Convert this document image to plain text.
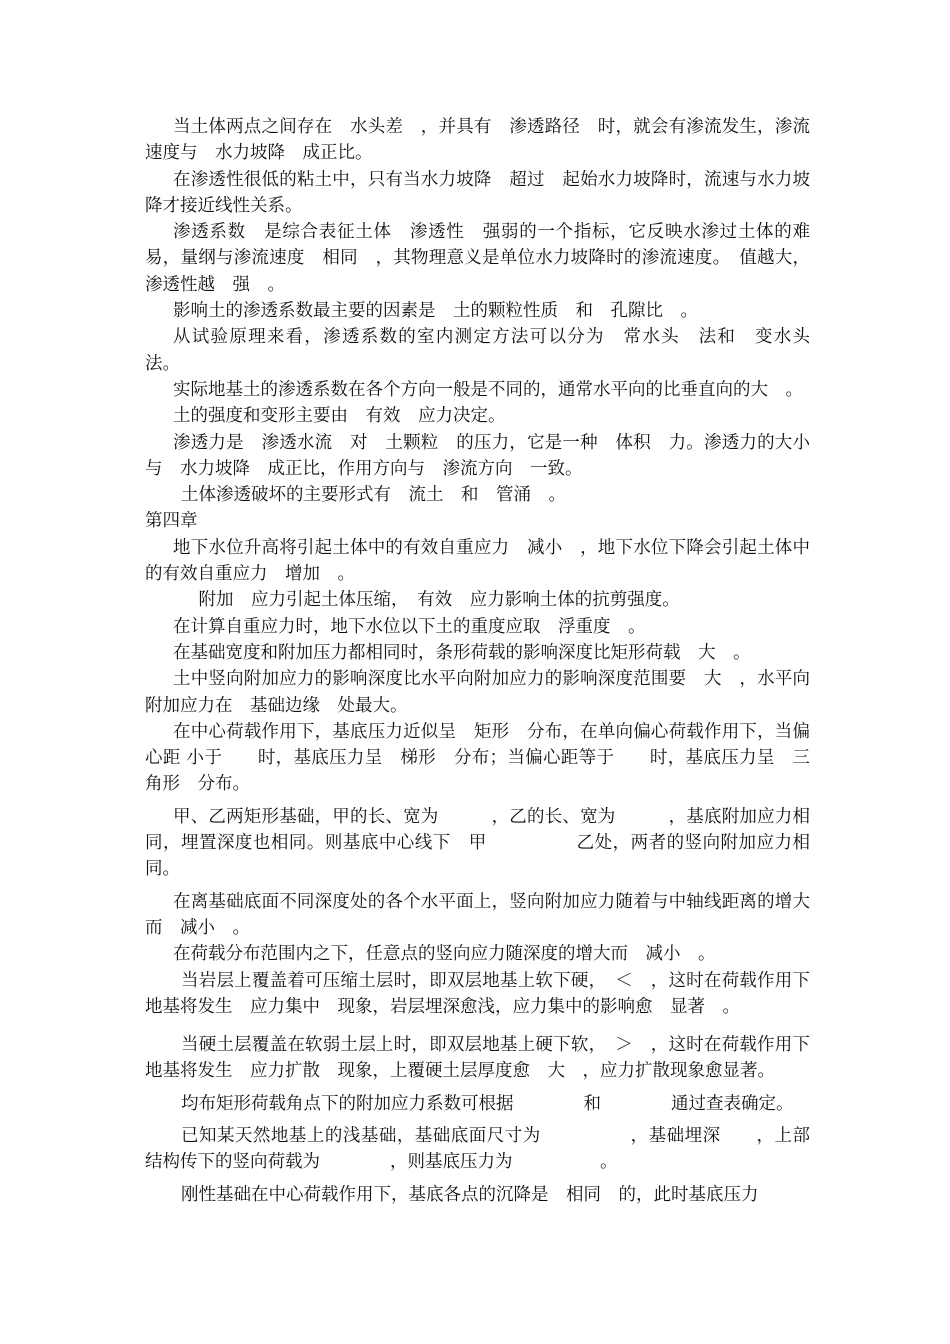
当土体两点之间存在　水头差　，并具有　渗透路径　时，就会有渗流发生，渗流速度与　水力坡降　成正比。

在渗透性很低的粘土中，只有当水力坡降　超过　起始水力坡降时，流速与水力坡降才接近线性关系。

渗透系数　是综合表征土体　渗透性　强弱的一个指标，它反映水渗过土体的难易，量纲与渗流速度　相同　，其物理意义是单位水力坡降时的渗流速度。　值越大，渗透性越　强　。

影响土的渗透系数最主要的因素是　土的颗粒性质　和　孔隙比　。

从试验原理来看，渗透系数的室内测定方法可以分为　常水头　法和　变水头　法。

实际地基土的渗透系数在各个方向一般是不同的，通常水平向的比垂直向的大　。

土的强度和变形主要由　有效　应力决定。

渗透力是　渗透水流　对　土颗粒　的压力，它是一种　体积　力。渗透力的大小与　水力坡降　成正比，作用方向与　渗流方向　一致。

土体渗透破坏的主要形式有　流土　和　管涌　。

第四章

地下水位升高将引起土体中的有效自重应力　减小　，地下水位下降会引起土体中的有效自重应力　增加　。

　附加　应力引起土体压缩，　有效　应力影响土体的抗剪强度。

在计算自重应力时，地下水位以下土的重度应取　浮重度　。

在基础宽度和附加压力都相同时，条形荷载的影响深度比矩形荷载　大　。

土中竖向附加应力的影响深度比水平向附加应力的影响深度范围要　大　，水平向附加应力在　基础边缘　处最大。

在中心荷载作用下，基底压力近似呈　矩形　分布，在单向偏心荷载作用下，当偏心距 小于　　时，基底压力呈　梯形　分布；当偏心距等于　　时，基底压力呈　三角形　分布。

甲、乙两矩形基础，甲的长、宽为　　　，乙的长、宽为　　　，基底附加应力相同，埋置深度也相同。则基底中心线下　甲　　　　　乙处，两者的竖向附加应力相同。

在离基础底面不同深度处的各个水平面上，竖向附加应力随着与中轴线距离的增大而　减小　。

在荷载分布范围内之下，任意点的竖向应力随深度的增大而　减小　。

当岩层上覆盖着可压缩土层时，即双层地基上软下硬，　＜　，这时在荷载作用下地基将发生　应力集中　现象，岩层埋深愈浅，应力集中的影响愈　显著　。

当硬土层覆盖在软弱土层上时，即双层地基上硬下软，　＞　，这时在荷载作用下地基将发生　应力扩散　现象，上覆硬土层厚度愈　大　，应力扩散现象愈显著。

均布矩形荷载角点下的附加应力系数可根据　　　　和　　　　通过查表确定。

已知某天然地基上的浅基础，基础底面尺寸为　　　　　，基础埋深　　，上部结构传下的竖向荷载为　　　　，则基底压力为　　　　　。

刚性基础在中心荷载作用下，基底各点的沉降是　相同　的，此时基底压力
